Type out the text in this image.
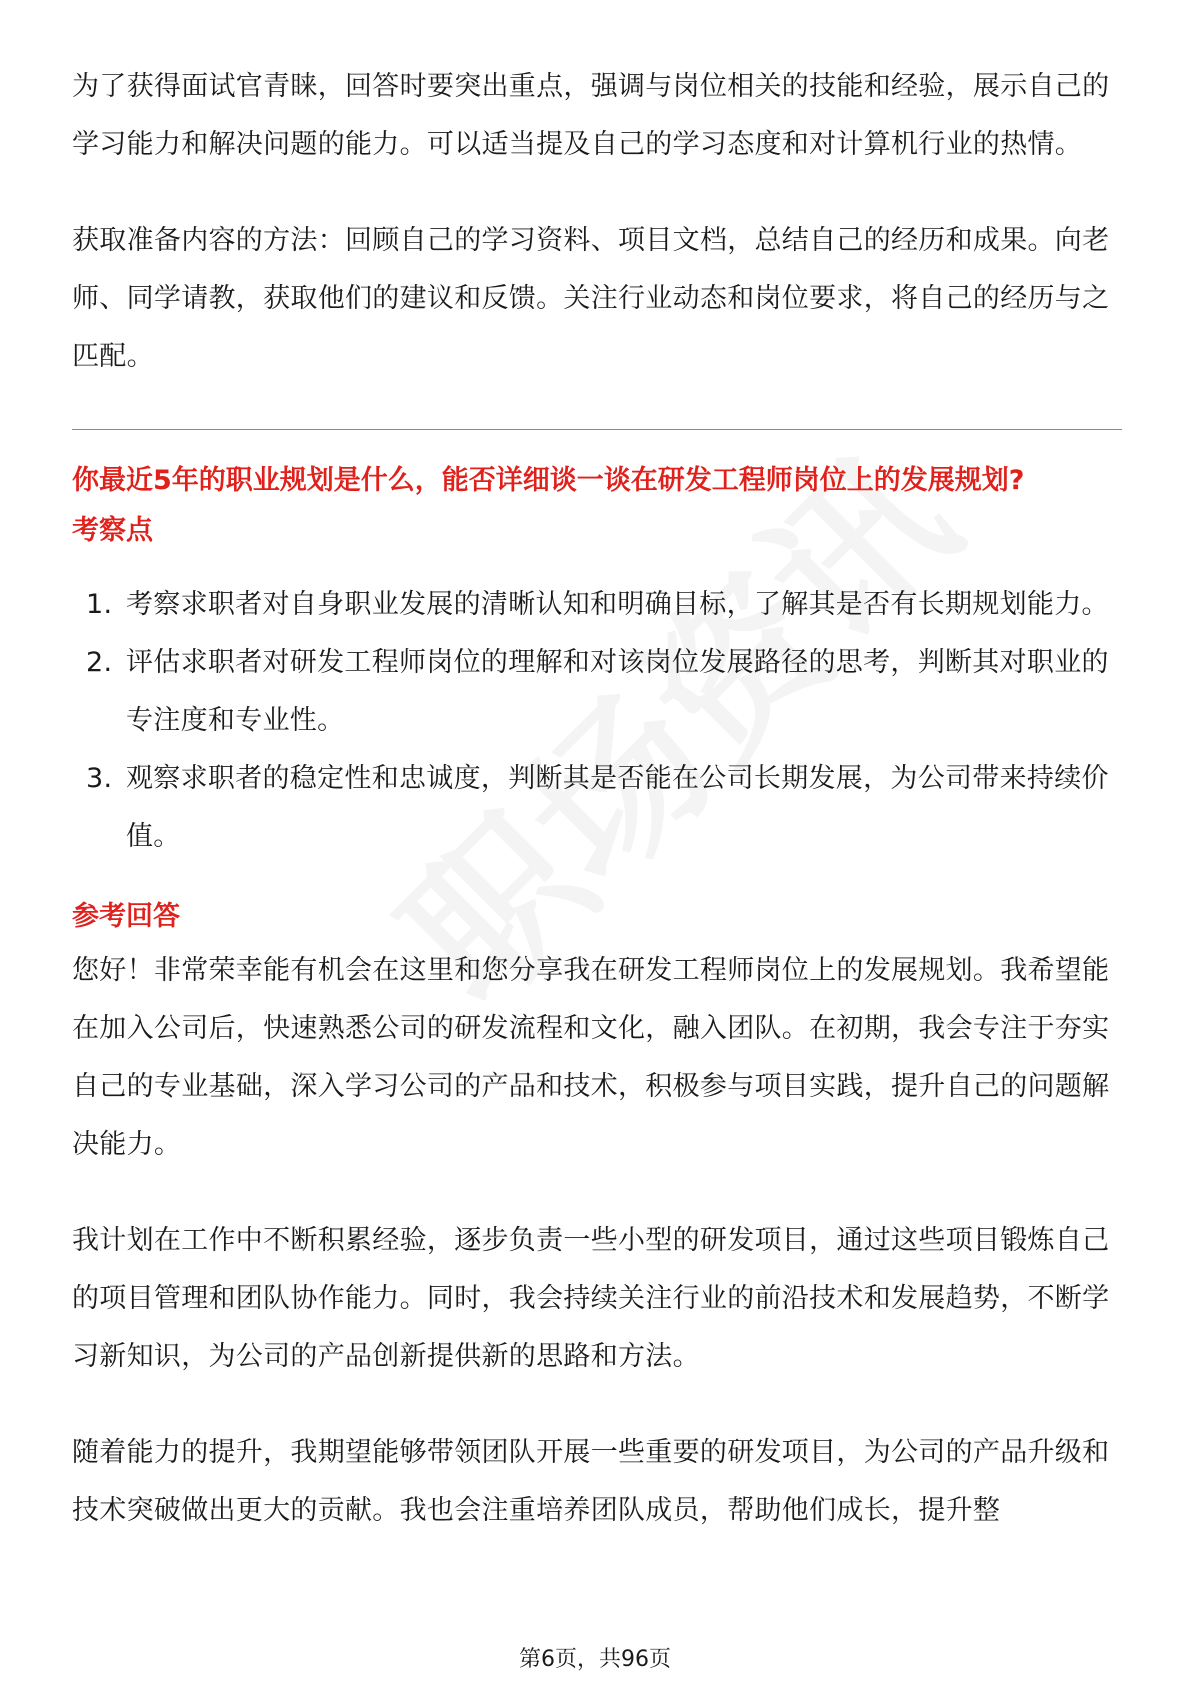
为了获得面试官青睐，回答时要突出重点，强调与岗位相关的技能和经验，展示自己的学习能力和解决问题的能力。可以适当提及自己的学习态度和对计算机行业的热情。

获取准备内容的方法：回顾自己的学习资料、项目文档，总结自己的经历和成果。向老师、同学请教，获取他们的建议和反馈。关注行业动态和岗位要求，将自己的经历与之匹配。

你最近5年的职业规划是什么，能否详细谈一谈在研发工程师岗位上的发展规划?
考察点
1. 考察求职者对自身职业发展的清晰认知和明确目标，了解其是否有长期规划能力。
2. 评估求职者对研发工程师岗位的理解和对该岗位发展路径的思考，判断其对职业的专注度和专业性。
3. 观察求职者的稳定性和忠诚度，判断其是否能在公司长期发展，为公司带来持续价值。
参考回答

您好！非常荣幸能有机会在这里和您分享我在研发工程师岗位上的发展规划。我希望能在加入公司后，快速熟悉公司的研发流程和文化，融入团队。在初期，我会专注于夯实自己的专业基础，深入学习公司的产品和技术，积极参与项目实践，提升自己的问题解决能力。

我计划在工作中不断积累经验，逐步负责一些小型的研发项目，通过这些项目锻炼自己的项目管理和团队协作能力。同时，我会持续关注行业的前沿技术和发展趋势，不断学习新知识，为公司的产品创新提供新的思路和方法。

随着能力的提升，我期望能够带领团队开展一些重要的研发项目，为公司的产品升级和技术突破做出更大的贡献。我也会注重培养团队成员，帮助他们成长，提升整

第6页，共96页
